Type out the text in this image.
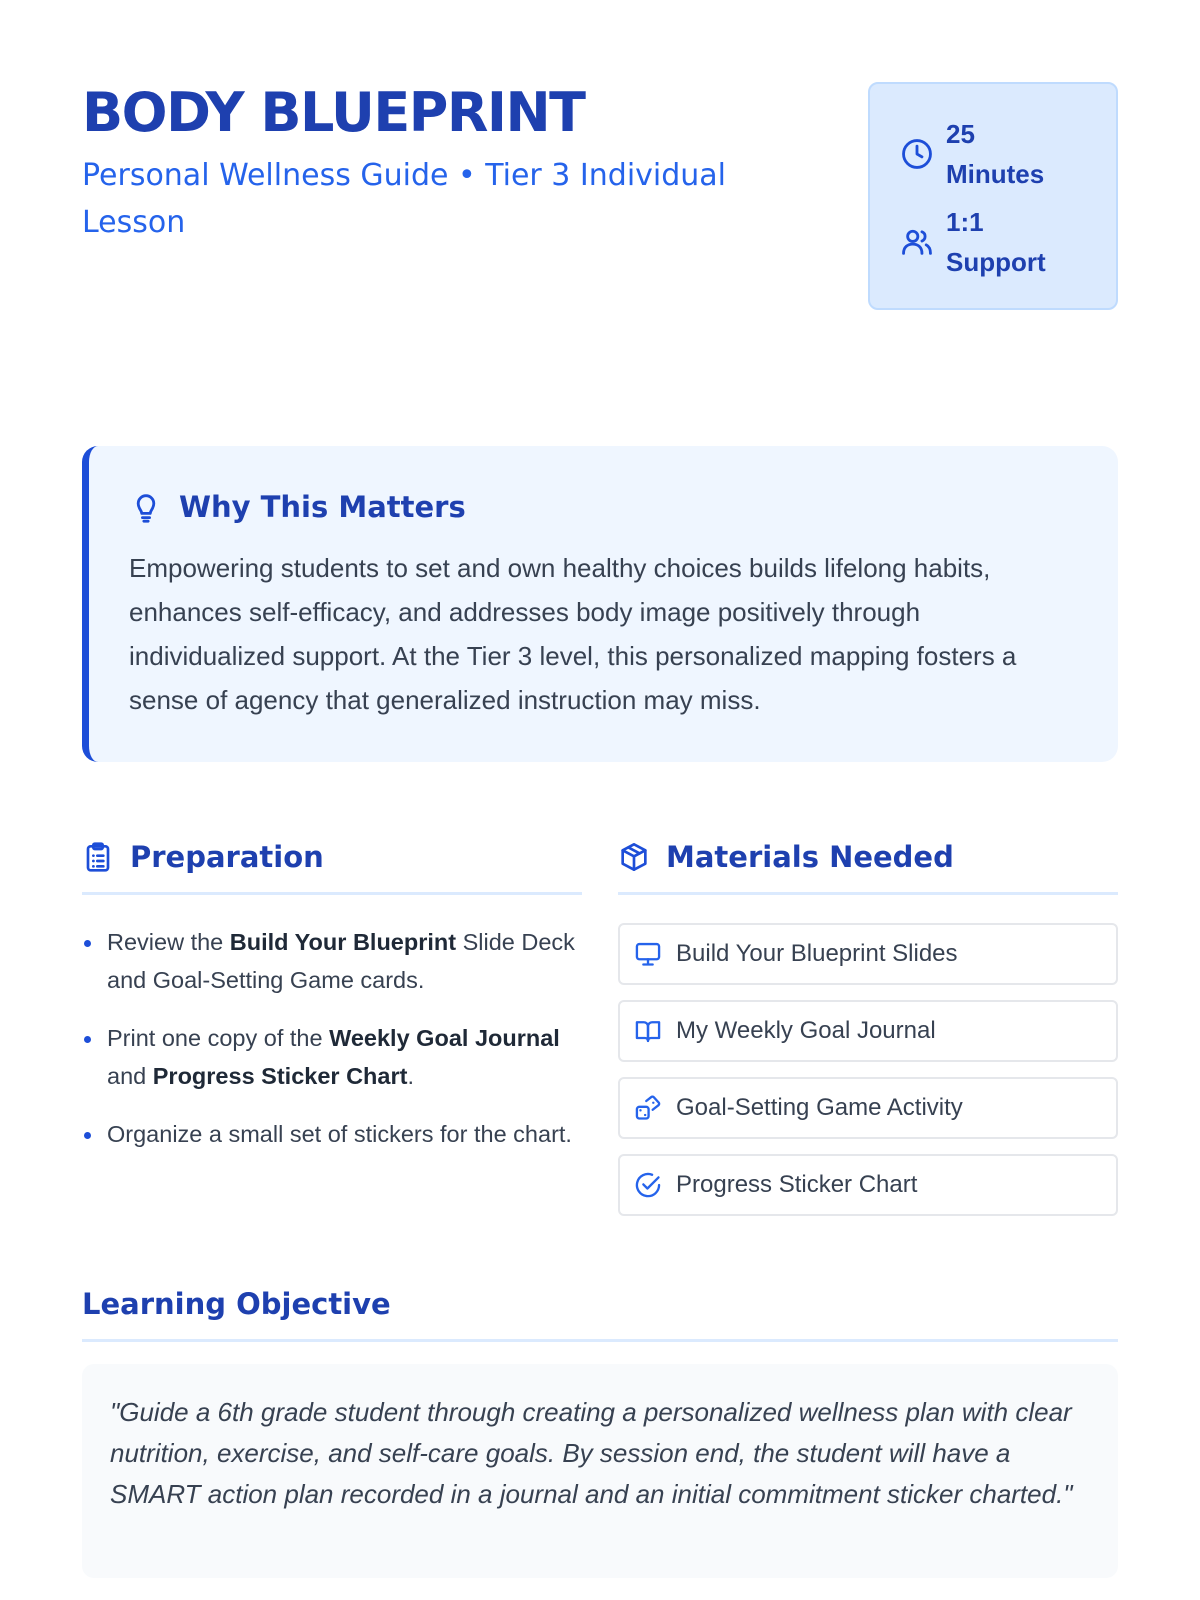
BODY BLUEPRINT

Personal Wellness Guide • Tier 3 Individual Lesson

25 Minutes
1:1 Support
Why This Matters

Empowering students to set and own healthy choices builds lifelong habits, enhances self-efficacy, and addresses body image positively through individualized support. At the Tier 3 level, this personalized mapping fosters a sense of agency that generalized instruction may miss.

Preparation
Review the Build Your Blueprint Slide Deck and Goal-Setting Game cards.
Print one copy of the Weekly Goal Journal and Progress Sticker Chart.
Organize a small set of stickers for the chart.
Materials Needed
Build Your Blueprint Slides
My Weekly Goal Journal
Goal-Setting Game Activity
Progress Sticker Chart
Learning Objective

"Guide a 6th grade student through creating a personalized wellness plan with clear nutrition, exercise, and self-care goals. By session end, the student will have a SMART action plan recorded in a journal and an initial commitment sticker charted."
